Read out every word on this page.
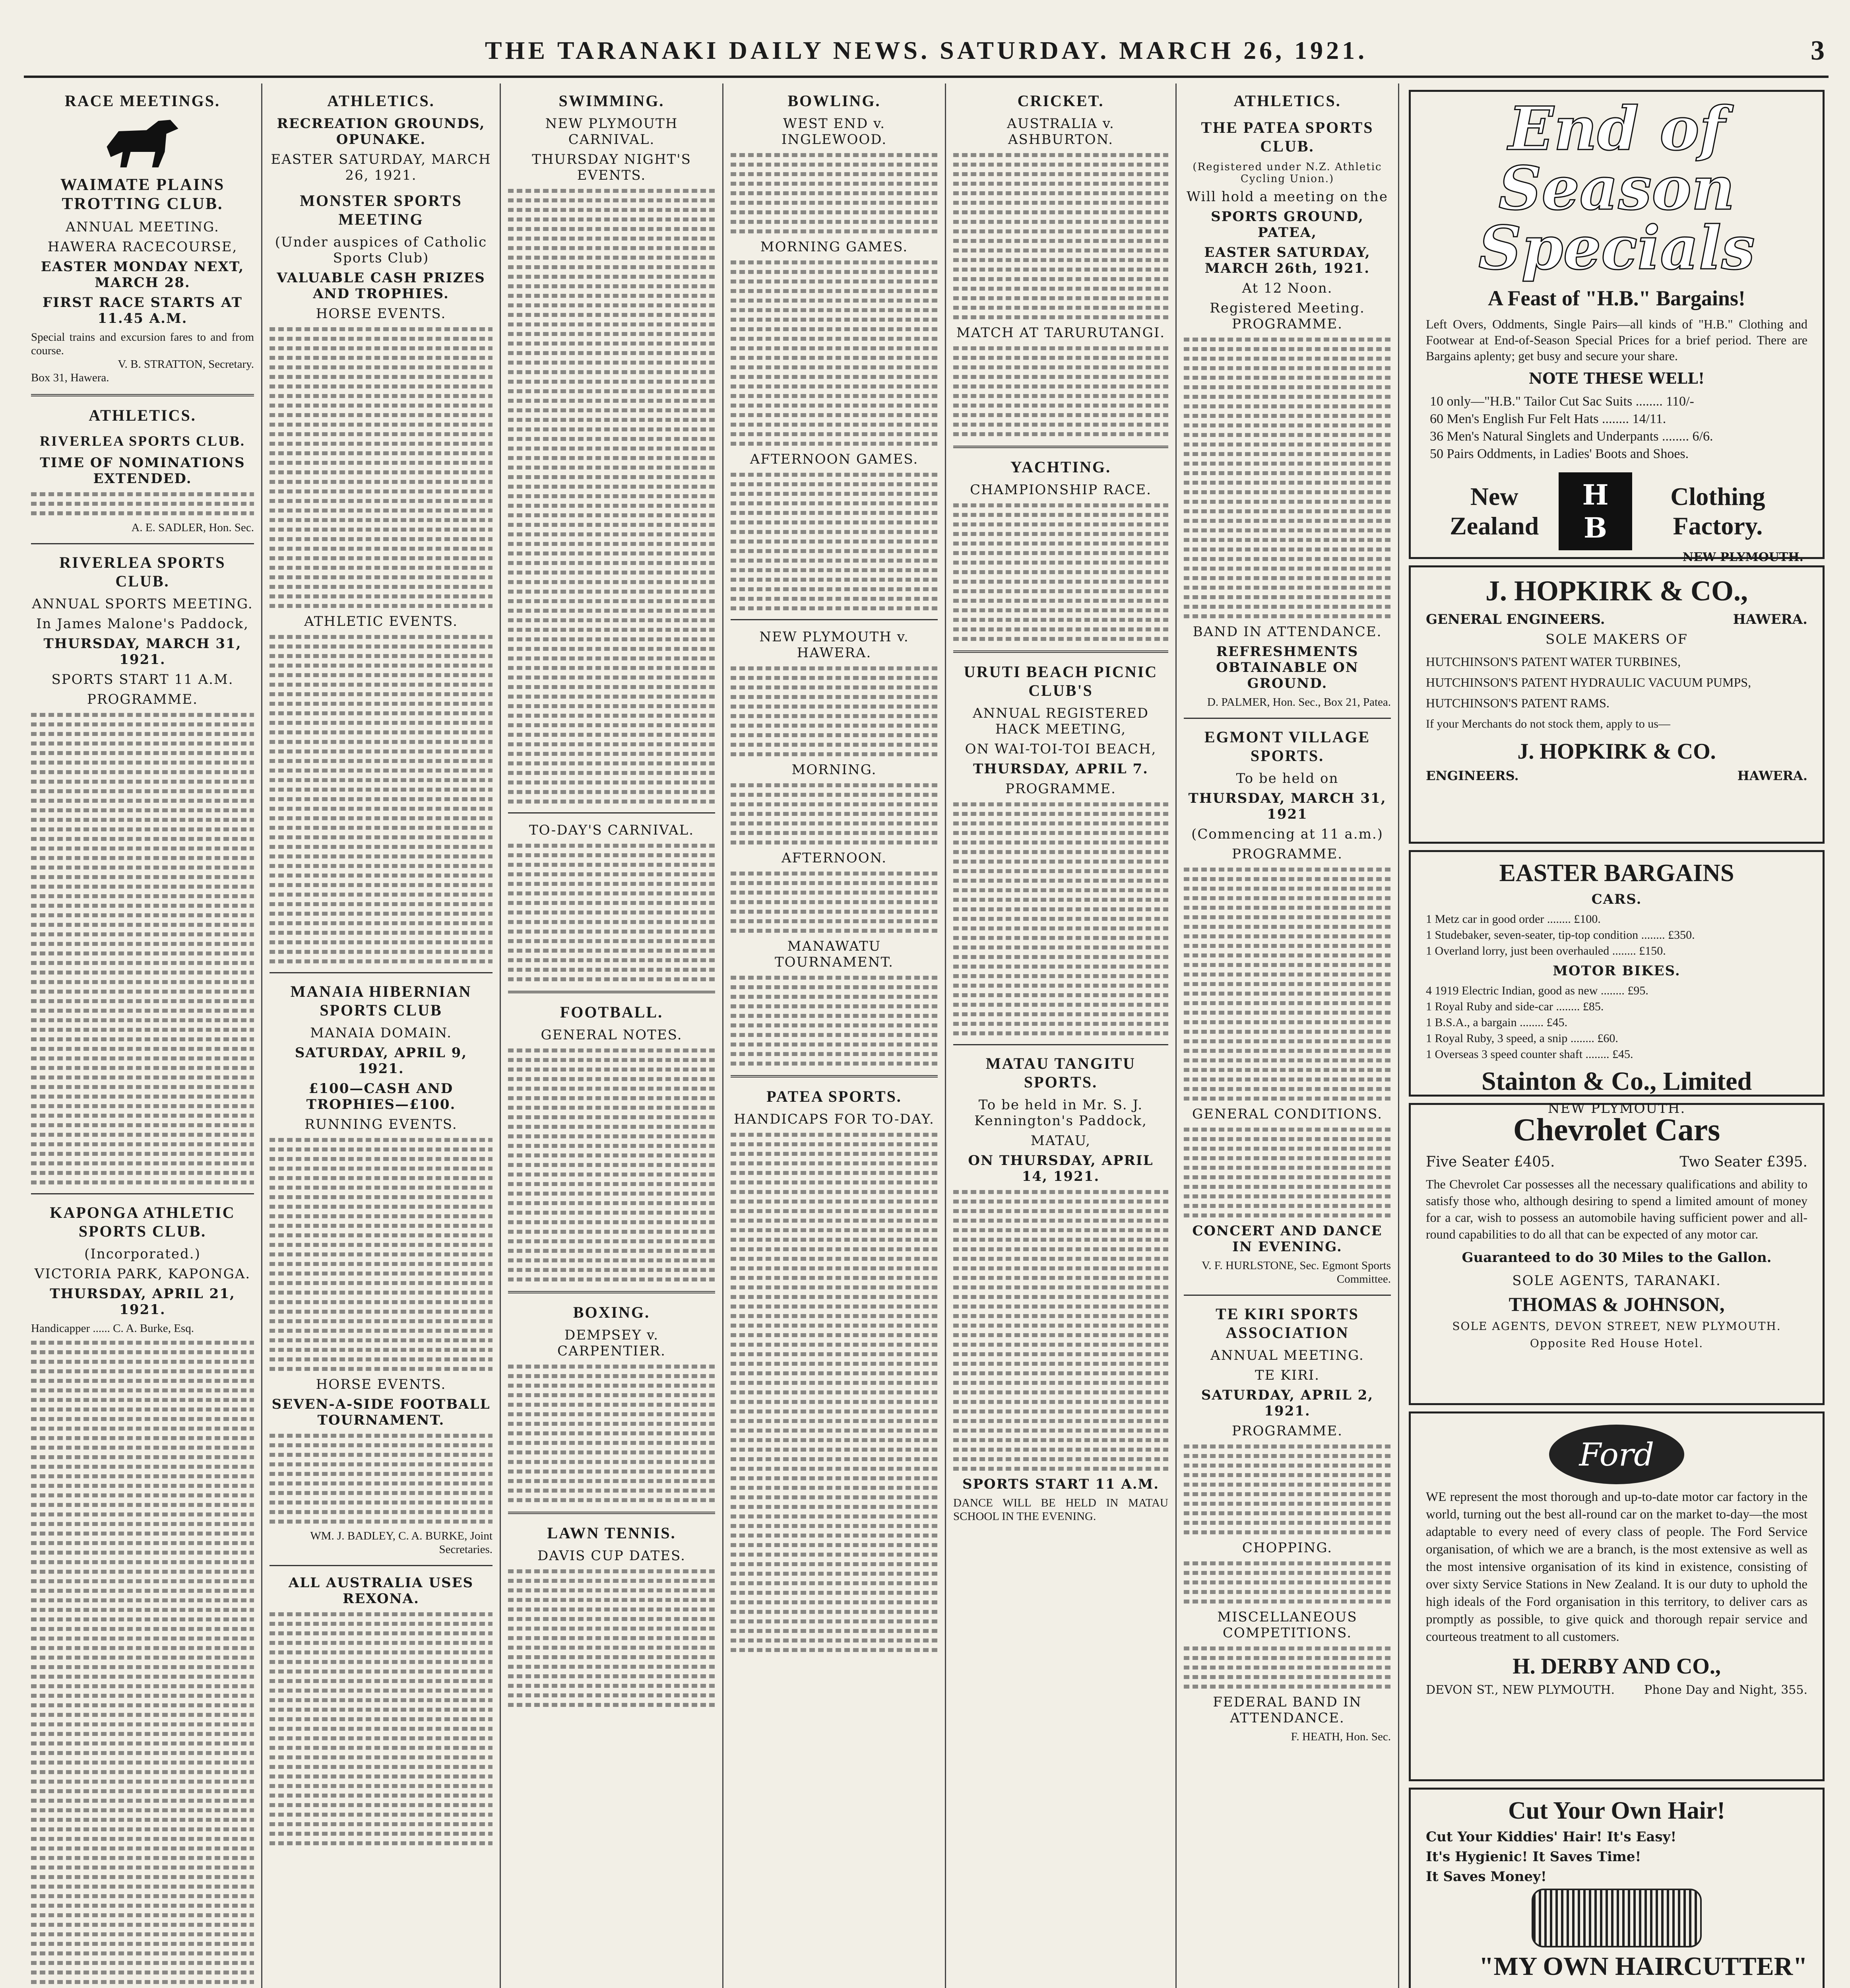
THE TARANAKI DAILY NEWS. SATURDAY. MARCH 26, 1921.	3
RACE MEETINGS.
WAIMATE PLAINS TROTTING CLUB.
ANNUAL MEETING.
HAWERA RACECOURSE,
EASTER MONDAY NEXT, MARCH 28.
FIRST RACE STARTS AT 11.45 A.M.
Special trains and excursion fares to and from course.
V. B. STRATTON, Secretary.
Box 31, Hawera.
ATHLETICS.
RIVERLEA SPORTS CLUB.
TIME OF NOMINATIONS EXTENDED.
A. E. SADLER, Hon. Sec.
RIVERLEA SPORTS CLUB.
ANNUAL SPORTS MEETING.
In James Malone's Paddock,
THURSDAY, MARCH 31, 1921.
SPORTS START 11 A.M.
PROGRAMME.
KAPONGA ATHLETIC SPORTS CLUB.
(Incorporated.)
VICTORIA PARK, KAPONGA.
THURSDAY, APRIL 21, 1921.
Handicapper ...... C. A. Burke, Esq.
ATHLETICS.
RECREATION GROUNDS, OPUNAKE.
EASTER SATURDAY, MARCH 26, 1921.
MONSTER SPORTS MEETING
(Under auspices of Catholic Sports Club)
VALUABLE CASH PRIZES AND TROPHIES.
HORSE EVENTS.
ATHLETIC EVENTS.
MANAIA HIBERNIAN SPORTS CLUB
MANAIA DOMAIN.
SATURDAY, APRIL 9, 1921.
£100—CASH AND TROPHIES—£100.
RUNNING EVENTS.
HORSE EVENTS.
SEVEN-A-SIDE FOOTBALL TOURNAMENT.
WM. J. BADLEY, C. A. BURKE, Joint Secretaries.
ALL AUSTRALIA USES REXONA.
SWIMMING.
NEW PLYMOUTH CARNIVAL.
THURSDAY NIGHT'S EVENTS.
TO-DAY'S CARNIVAL.
FOOTBALL.
GENERAL NOTES.
BOXING.
DEMPSEY v. CARPENTIER.
LAWN TENNIS.
DAVIS CUP DATES.
BOWLING.
WEST END v. INGLEWOOD.
MORNING GAMES.
AFTERNOON GAMES.
NEW PLYMOUTH v. HAWERA.
MORNING.
AFTERNOON.
MANAWATU TOURNAMENT.
PATEA SPORTS.
HANDICAPS FOR TO-DAY.
CRICKET.
AUSTRALIA v. ASHBURTON.
MATCH AT TARURUTANGI.
YACHTING.
CHAMPIONSHIP RACE.
URUTI BEACH PICNIC CLUB'S
ANNUAL REGISTERED HACK MEETING,
ON WAI-TOI-TOI BEACH,
THURSDAY, APRIL 7.
PROGRAMME.
MATAU TANGITU SPORTS.
To be held in Mr. S. J. Kennington's Paddock,
MATAU,
ON THURSDAY, APRIL 14, 1921.
SPORTS START 11 A.M.
DANCE WILL BE HELD IN MATAU SCHOOL IN THE EVENING.
ATHLETICS.
THE PATEA SPORTS CLUB.
(Registered under N.Z. Athletic Cycling Union.)
Will hold a meeting on the
SPORTS GROUND, PATEA,
EASTER SATURDAY, MARCH 26th, 1921.
At 12 Noon.
Registered Meeting. PROGRAMME.
BAND IN ATTENDANCE.
REFRESHMENTS OBTAINABLE ON GROUND.
D. PALMER, Hon. Sec., Box 21, Patea.
EGMONT VILLAGE SPORTS.
To be held on
THURSDAY, MARCH 31, 1921
(Commencing at 11 a.m.)
PROGRAMME.
GENERAL CONDITIONS.
CONCERT AND DANCE IN EVENING.
V. F. HURLSTONE, Sec. Egmont Sports Committee.
TE KIRI SPORTS ASSOCIATION
ANNUAL MEETING.
TE KIRI.
SATURDAY, APRIL 2, 1921.
PROGRAMME.
CHOPPING.
MISCELLANEOUS COMPETITIONS.
FEDERAL BAND IN ATTENDANCE.
F. HEATH, Hon. Sec.
End of Season
Specials
A Feast of "H.B." Bargains!
Left Overs, Oddments, Single Pairs—all kinds of "H.B." Clothing and Footwear at End-of-Season Special Prices for a brief period. There are Bargains aplenty; get busy and secure your share.
NOTE THESE WELL!
10 only—"H.B." Tailor Cut Sac Suits ........ 110/-
60 Men's English Fur Felt Hats ........ 14/11.
36 Men's Natural Singlets and Underpants ........ 6/6.
50 Pairs Oddments, in Ladies' Boots and Shoes.
New Zealand
H B
Clothing Factory.
NEW PLYMOUTH.
J. HOPKIRK & CO.,
GENERAL ENGINEERS.	HAWERA.
SOLE MAKERS OF
HUTCHINSON'S PATENT WATER TURBINES,
HUTCHINSON'S PATENT HYDRAULIC VACUUM PUMPS,
HUTCHINSON'S PATENT RAMS.
If your Merchants do not stock them, apply to us—
J. HOPKIRK & CO.
ENGINEERS.	HAWERA.
EASTER BARGAINS
CARS.
1 Metz car in good order ........ £100.
1 Studebaker, seven-seater, tip-top condition ........ £350.
1 Overland lorry, just been overhauled ........ £150.
MOTOR BIKES.
4 1919 Electric Indian, good as new ........ £95.
1 Royal Ruby and side-car ........ £85.
1 B.S.A., a bargain ........ £45.
1 Royal Ruby, 3 speed, a snip ........ £60.
1 Overseas 3 speed counter shaft ........ £45.
Stainton & Co., Limited
NEW PLYMOUTH.
Chevrolet Cars
Five Seater £405.	Two Seater £395.
The Chevrolet Car possesses all the necessary qualifications and ability to satisfy those who, although desiring to spend a limited amount of money for a car, wish to possess an automobile having sufficient power and all-round capabilities to do all that can be expected of any motor car.
Guaranteed to do 30 Miles to the Gallon.
SOLE AGENTS, TARANAKI.
THOMAS & JOHNSON,
SOLE AGENTS, DEVON STREET, NEW PLYMOUTH.
Opposite Red House Hotel.
Ford
WE represent the most thorough and up-to-date motor car factory in the world, turning out the best all-round car on the market to-day—the most adaptable to every need of every class of people. The Ford Service organisation, of which we are a branch, is the most extensive as well as the most intensive organisation of its kind in existence, consisting of over sixty Service Stations in New Zealand. It is our duty to uphold the high ideals of the Ford organisation in this territory, to deliver cars as promptly as possible, to give quick and thorough repair service and courteous treatment to all customers.
H. DERBY AND CO.,
DEVON ST., NEW PLYMOUTH. Phone Day and Night, 355.
Cut Your Own Hair!
Cut Your Kiddies' Hair! It's Easy!
It's Hygienic! It Saves Time!
It Saves Money!
"MY OWN HAIRCUTTER"
